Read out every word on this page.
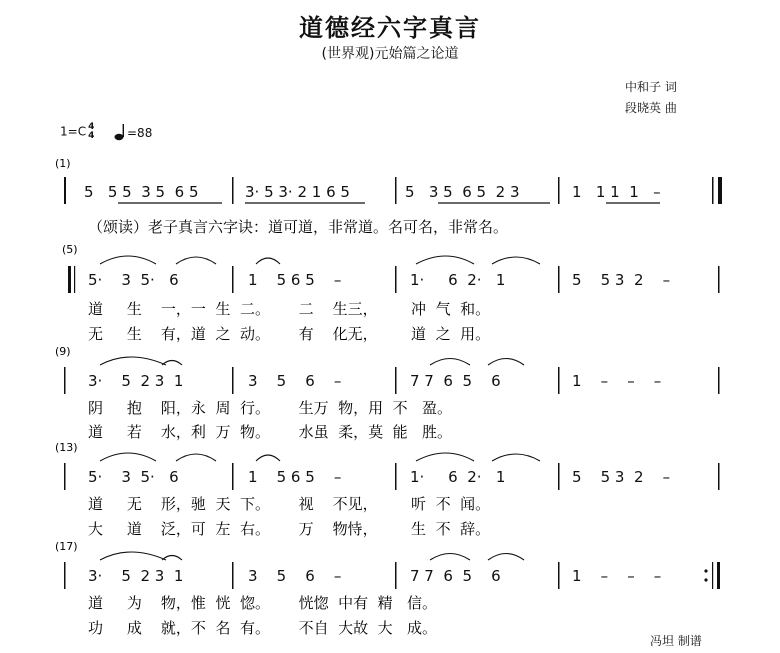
道德经六字真言
(世界观)元始篇之论道
中和子 词
段晓英 曲
1=C 4
4	=88
(1)
5   5 5  3 5  6 5	3· 5 3· 2 1 6 5	5   3 5  6 5  2 3	1   1 1  1   –
（颂读）老子真言六字诀：道可道，非常道。名可名，非常名。
(5)
5·    3  5·   6	1    5 6 5    –	1·     6  2·   1	5    5 3  2    –
道     生    一，一  生  二。      二    生三，       冲  气  和。
无     生    有，道  之  动。      有    化无，       道  之  用。
(9)
3·    5  2 3  1	3    5    6    –	7 7  6  5    6	1    –    –    –
阴     抱    阳，永  周  行。      生万  物，用  不   盈。
道     若    水，利  万  物。      水虽  柔，莫  能   胜。
(13)
5·    3  5·   6	1    5 6 5    –	1·     6  2·   1	5    5 3  2    –
道     无    形，驰  天  下。      视    不见，       听  不  闻。
大     道    泛，可  左  右。      万    物恃，       生  不  辞。
(17)
3·    5  2 3  1	3    5    6    –	7 7  6  5    6	1    –    –    –
道     为    物，惟  恍  惚。      恍惚  中有  精   信。
功     成    就，不  名  有。      不自  大故  大   成。
冯坦 制谱
